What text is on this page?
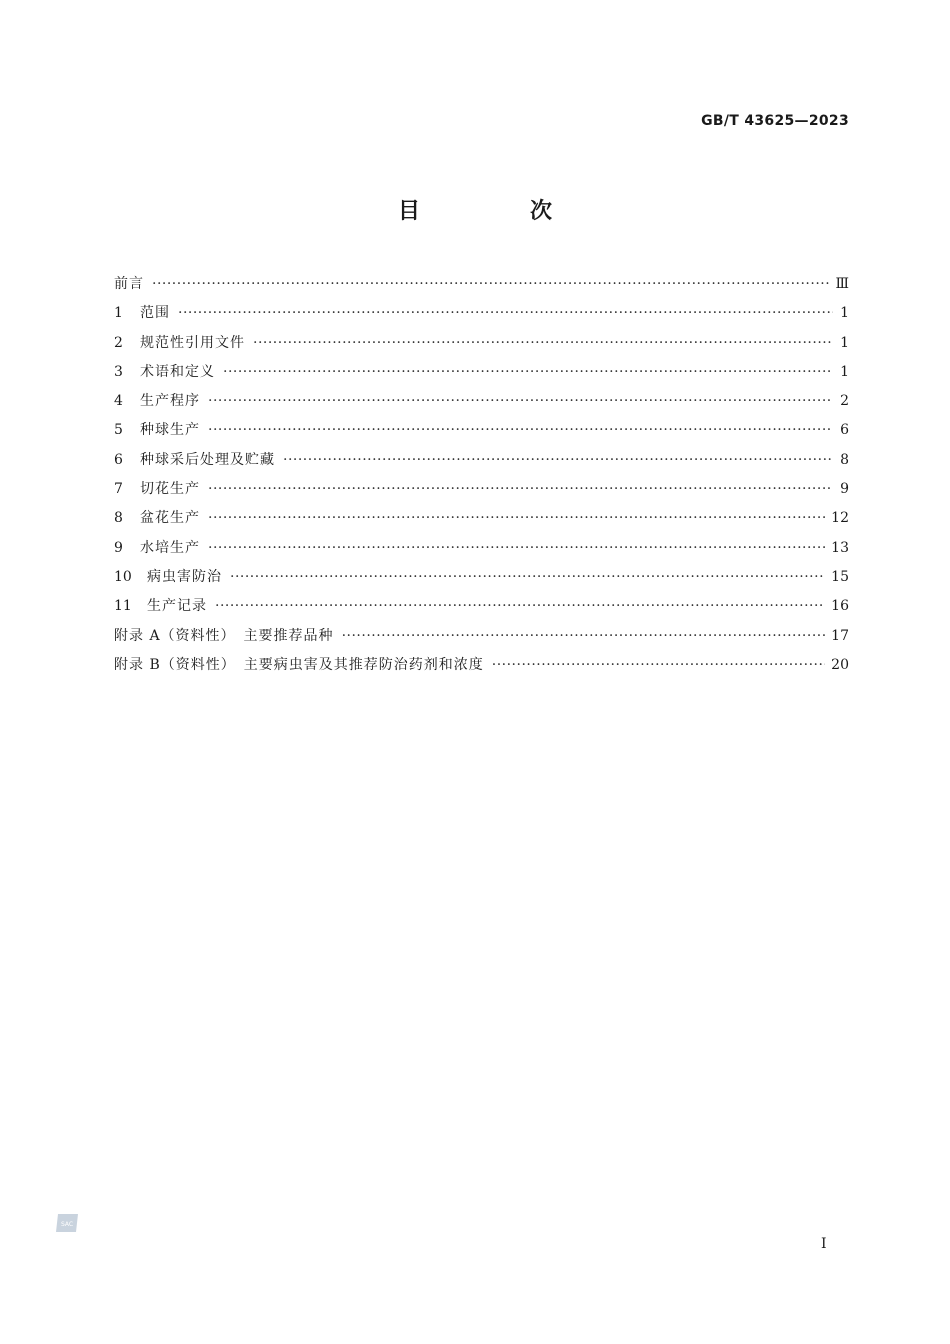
GB/T 43625—2023
目　次
前言 ·····	Ⅲ
1	范围 ·····	1
2	规范性引用文件 ·····	1
3	术语和定义 ·····	1
4	生产程序 ·····	2
5	种球生产 ·····	6
6	种球采后处理及贮藏 ·····	8
7	切花生产 ·····	9
8	盆花生产 ·····	12
9	水培生产 ·····	13
10	病虫害防治 ·····	15
11	生产记录 ·····	16
附录 A（资料性）　主要推荐品种 ·····	17
附录 B（资料性）　主要病虫害及其推荐防治药剂和浓度 ·····	20
SAC
I
